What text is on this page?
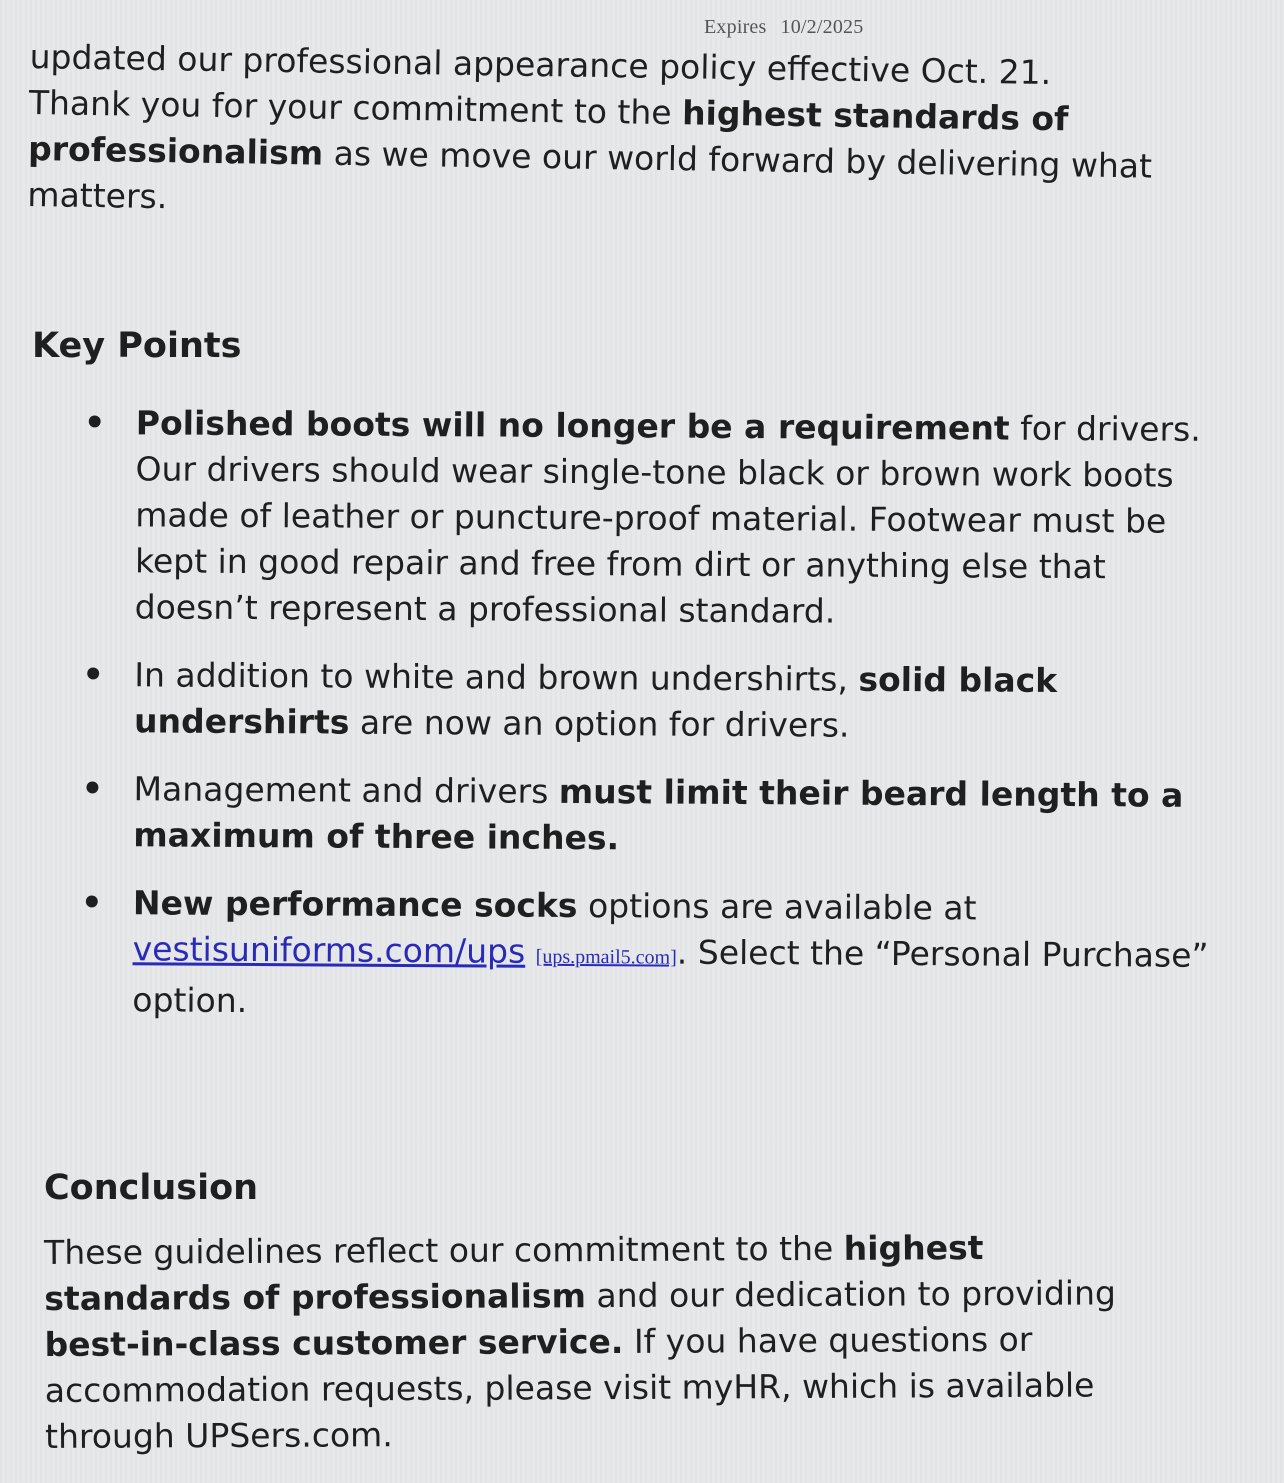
Expires 10/2/2025

updated our professional appearance policy effective Oct. 21.

Thank you for your commitment to the highest standards of professionalism as we move our world forward by delivering what matters.

Key Points
• Polished boots will no longer be a requirement for drivers. Our drivers should wear single-tone black or brown work boots made of leather or puncture-proof material. Footwear must be kept in good repair and free from dirt or anything else that doesn’t represent a professional standard.
• In addition to white and brown undershirts, solid black undershirts are now an option for drivers.
• Management and drivers must limit their beard length to a maximum of three inches.
• New performance socks options are available at vestisuniforms.com/ups [ups.pmail5.com]. Select the “Personal Purchase” option.
Conclusion

These guidelines reflect our commitment to the highest standards of professionalism and our dedication to providing best-in-class customer service. If you have questions or accommodation requests, please visit myHR, which is available through UPSers.com.
